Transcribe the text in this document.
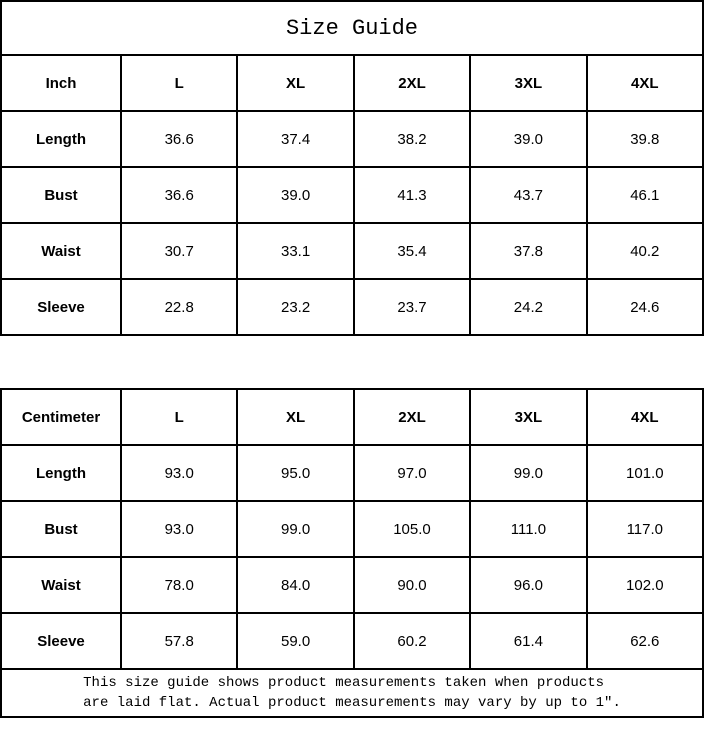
Size Guide
Inch	L	XL	2XL	3XL	4XL
Length	36.6	37.4	38.2	39.0	39.8
Bust	36.6	39.0	41.3	43.7	46.1
Waist	30.7	33.1	35.4	37.8	40.2
Sleeve	22.8	23.2	23.7	24.2	24.6
Centimeter	L	XL	2XL	3XL	4XL
Length	93.0	95.0	97.0	99.0	101.0
Bust	93.0	99.0	105.0	111.0	117.0
Waist	78.0	84.0	90.0	96.0	102.0
Sleeve	57.8	59.0	60.2	61.4	62.6
This size guide shows product measurements taken when products
are laid flat. Actual product measurements may vary by up to 1″.
